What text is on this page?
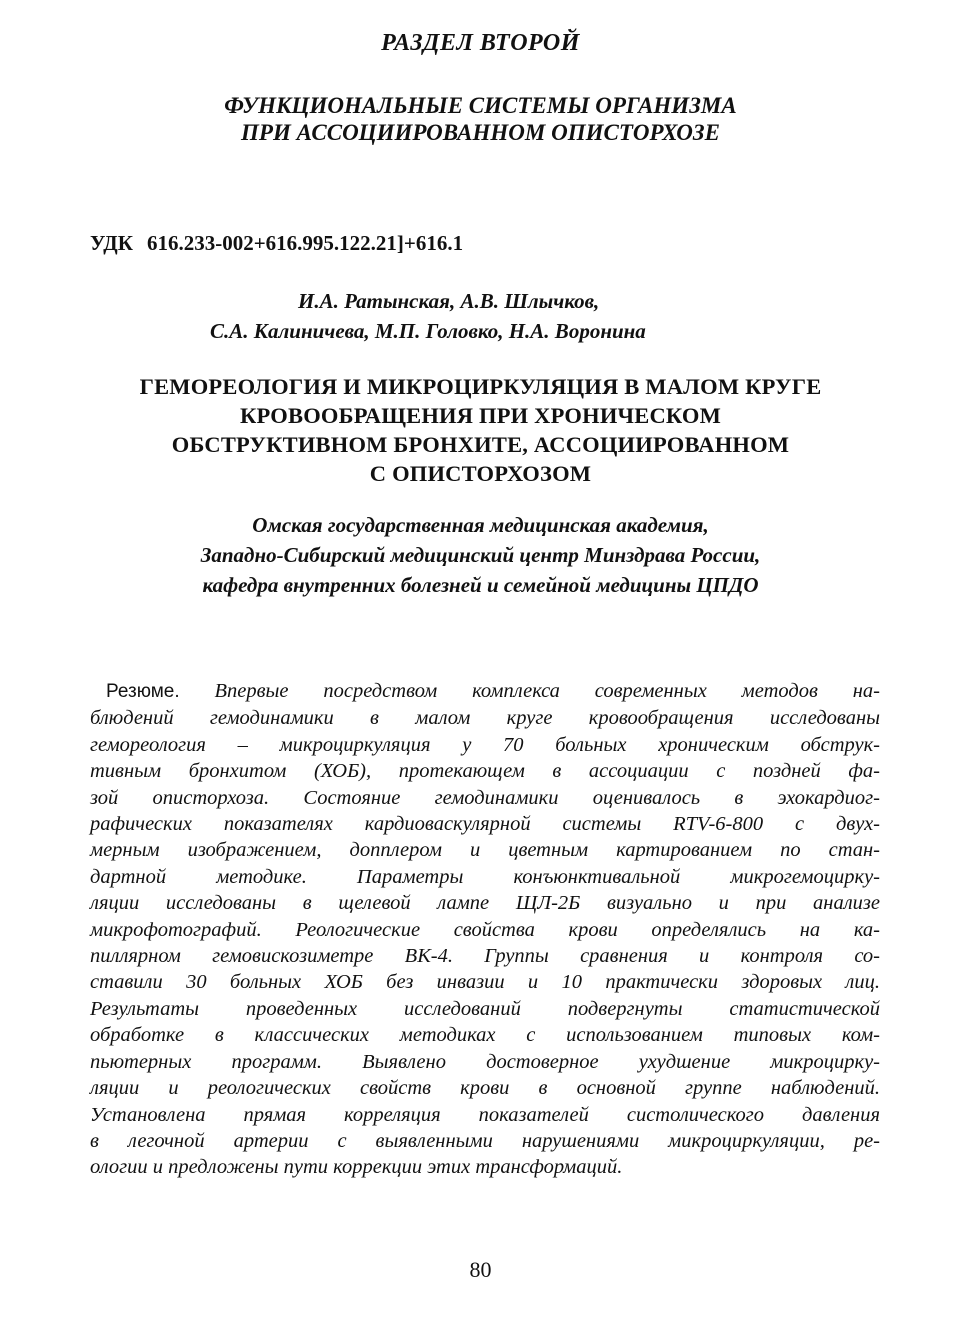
РАЗДЕЛ ВТОРОЙ
ФУНКЦИОНАЛЬНЫЕ СИСТЕМЫ ОРГАНИЗМА
ПРИ АССОЦИИРОВАННОМ ОПИСТОРХОЗЕ
УДК 616.233-002+616.995.122.21]+616.1
И.А. Ратынская, А.В. Шлычков,
С.А. Калиничева, М.П. Головко, Н.А. Воронина
ГЕМОРЕОЛОГИЯ И МИКРОЦИРКУЛЯЦИЯ В МАЛОМ КРУГЕ
КРОВООБРАЩЕНИЯ ПРИ ХРОНИЧЕСКОМ
ОБСТРУКТИВНОМ БРОНХИТЕ, АССОЦИИРОВАННОМ
С ОПИСТОРХОЗОМ
Омская государственная медицинская академия,
Западно-Сибирский медицинский центр Минздрава России,
кафедра внутренних болезней и семейной медицины ЦПДО
Резюме. Впервые посредством комплекса современных методов на-
блюдений гемодинамики в малом круге кровообращения исследованы
гемореология – микроциркуляция у 70 больных хроническим обструк-
тивным бронхитом (ХОБ), протекающем в ассоциации с поздней фа-
зой описторхоза. Состояние гемодинамики оценивалось в эхокардиог-
рафических показателях кардиоваскулярной системы RTV-6-800 с двух-
мерным изображением, допплером и цветным картированием по стан-
дартной методике. Параметры конъюнктивальной микрогемоцирку-
ляции исследованы в щелевой лампе ЩЛ-2Б визуально и при анализе
микрофотографий. Реологические свойства крови определялись на ка-
пиллярном гемовискозиметре ВК-4. Группы сравнения и контроля со-
ставили 30 больных ХОБ без инвазии и 10 практически здоровых лиц.
Результаты проведенных исследований подвергнуты статистической
обработке в классических методиках с использованием типовых ком-
пьютерных программ. Выявлено достоверное ухудшение микроцирку-
ляции и реологических свойств крови в основной группе наблюдений.
Установлена прямая корреляция показателей систолического давления
в легочной артерии с выявленными нарушениями микроциркуляции, ре-
ологии и предложены пути коррекции этих трансформаций.
80
